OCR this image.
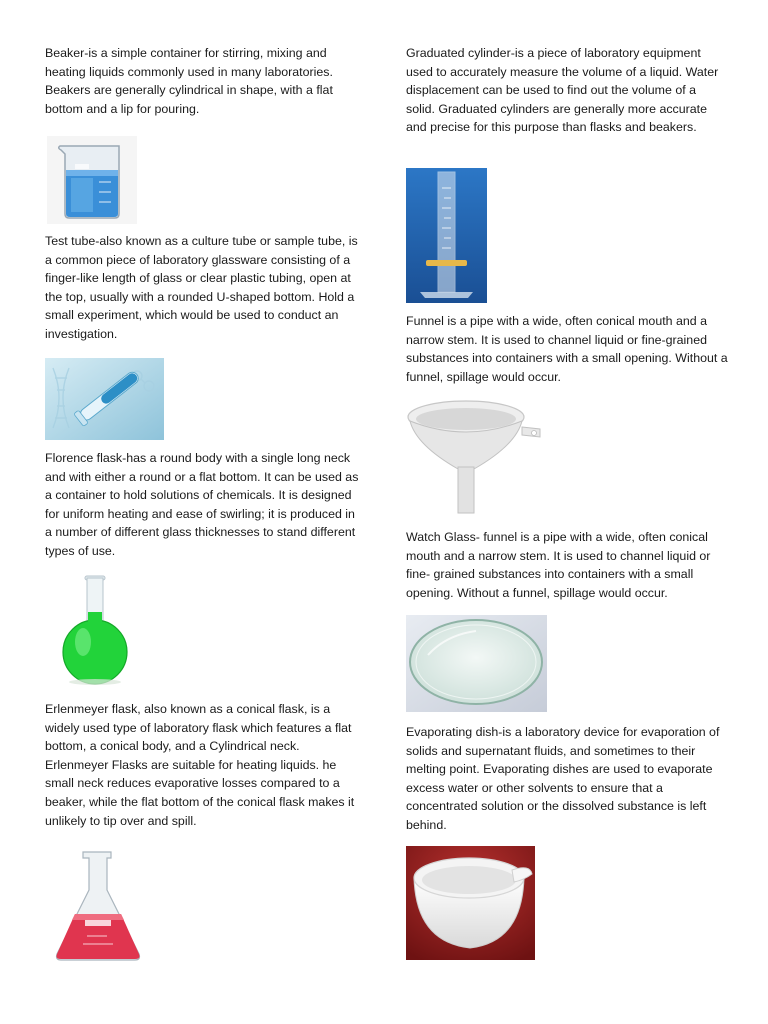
Beaker-is a simple container for stirring, mixing and heating liquids commonly used in many laboratories. Beakers are generally cylindrical in shape, with a flat bottom and a lip for pouring.

Test tube-also known as a culture tube or sample tube, is a common piece of laboratory glassware consisting of a finger-like length of glass or clear plastic tubing, open at the top, usually with a rounded U-shaped bottom. Hold a small experiment, which would be used to conduct an investigation.

Florence flask-has a round body with a single long neck and with either a round or a flat bottom. It can be used as a container to hold solutions of chemicals. It is designed for uniform heating and ease of swirling; it is produced in a number of different glass thicknesses to stand different types of use.

Erlenmeyer flask, also known as a conical flask, is a widely used type of laboratory flask which features a flat bottom, a conical body, and a Cylindrical neck. Erlenmeyer Flasks are suitable for heating liquids. he small neck reduces evaporative losses compared to a beaker, while the flat bottom of the conical flask makes it unlikely to tip over and spill.

Graduated cylinder-is a piece of laboratory equipment used to accurately measure the volume of a liquid. Water displacement can be used to find out the volume of a solid. Graduated cylinders are generally more accurate and precise for this purpose than flasks and beakers.

Funnel is a pipe with a wide, often conical mouth and a narrow stem. It is used to channel liquid or fine-grained substances into containers with a small opening. Without a funnel, spillage would occur.

Watch Glass- funnel is a pipe with a wide, often conical mouth and a narrow stem. It is used to channel liquid or fine- grained substances into containers with a small opening. Without a funnel, spillage would occur.

Evaporating dish-is a laboratory device for evaporation of solids and supernatant fluids, and sometimes to their melting point. Evaporating dishes are used to evaporate excess water or other solvents to ensure that a concentrated solution or the dissolved substance is left behind.
